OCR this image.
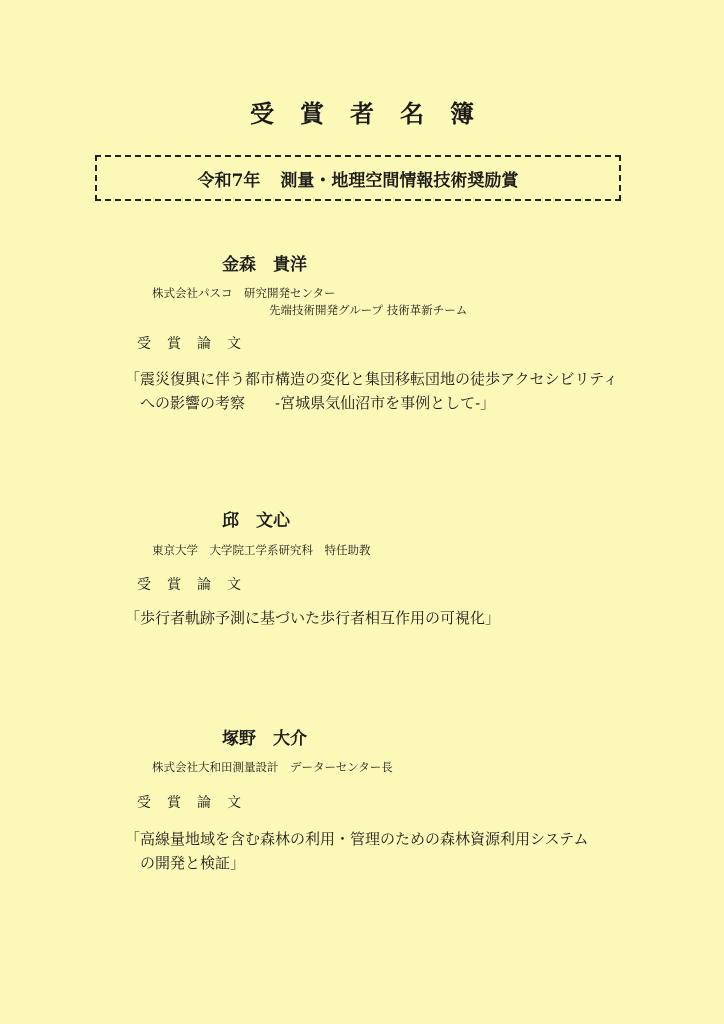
受賞者名簿
令和7年 測量・地理空間情報技術奨励賞
金森　貴洋
株式会社パスコ　研究開発センター
先端技術開発グループ 技術革新チーム
受賞論文
「震災復興に伴う都市構造の変化と集団移転団地の徒歩アクセシビリティ
への影響の考察　　-宮城県気仙沼市を事例として-」
邱　文心
東京大学　大学院工学系研究科　特任助教
受賞論文
「歩行者軌跡予測に基づいた歩行者相互作用の可視化」
塚野　大介
株式会社大和田測量設計　データーセンター長
受賞論文
「高線量地域を含む森林の利用・管理のための森林資源利用システム
の開発と検証」
